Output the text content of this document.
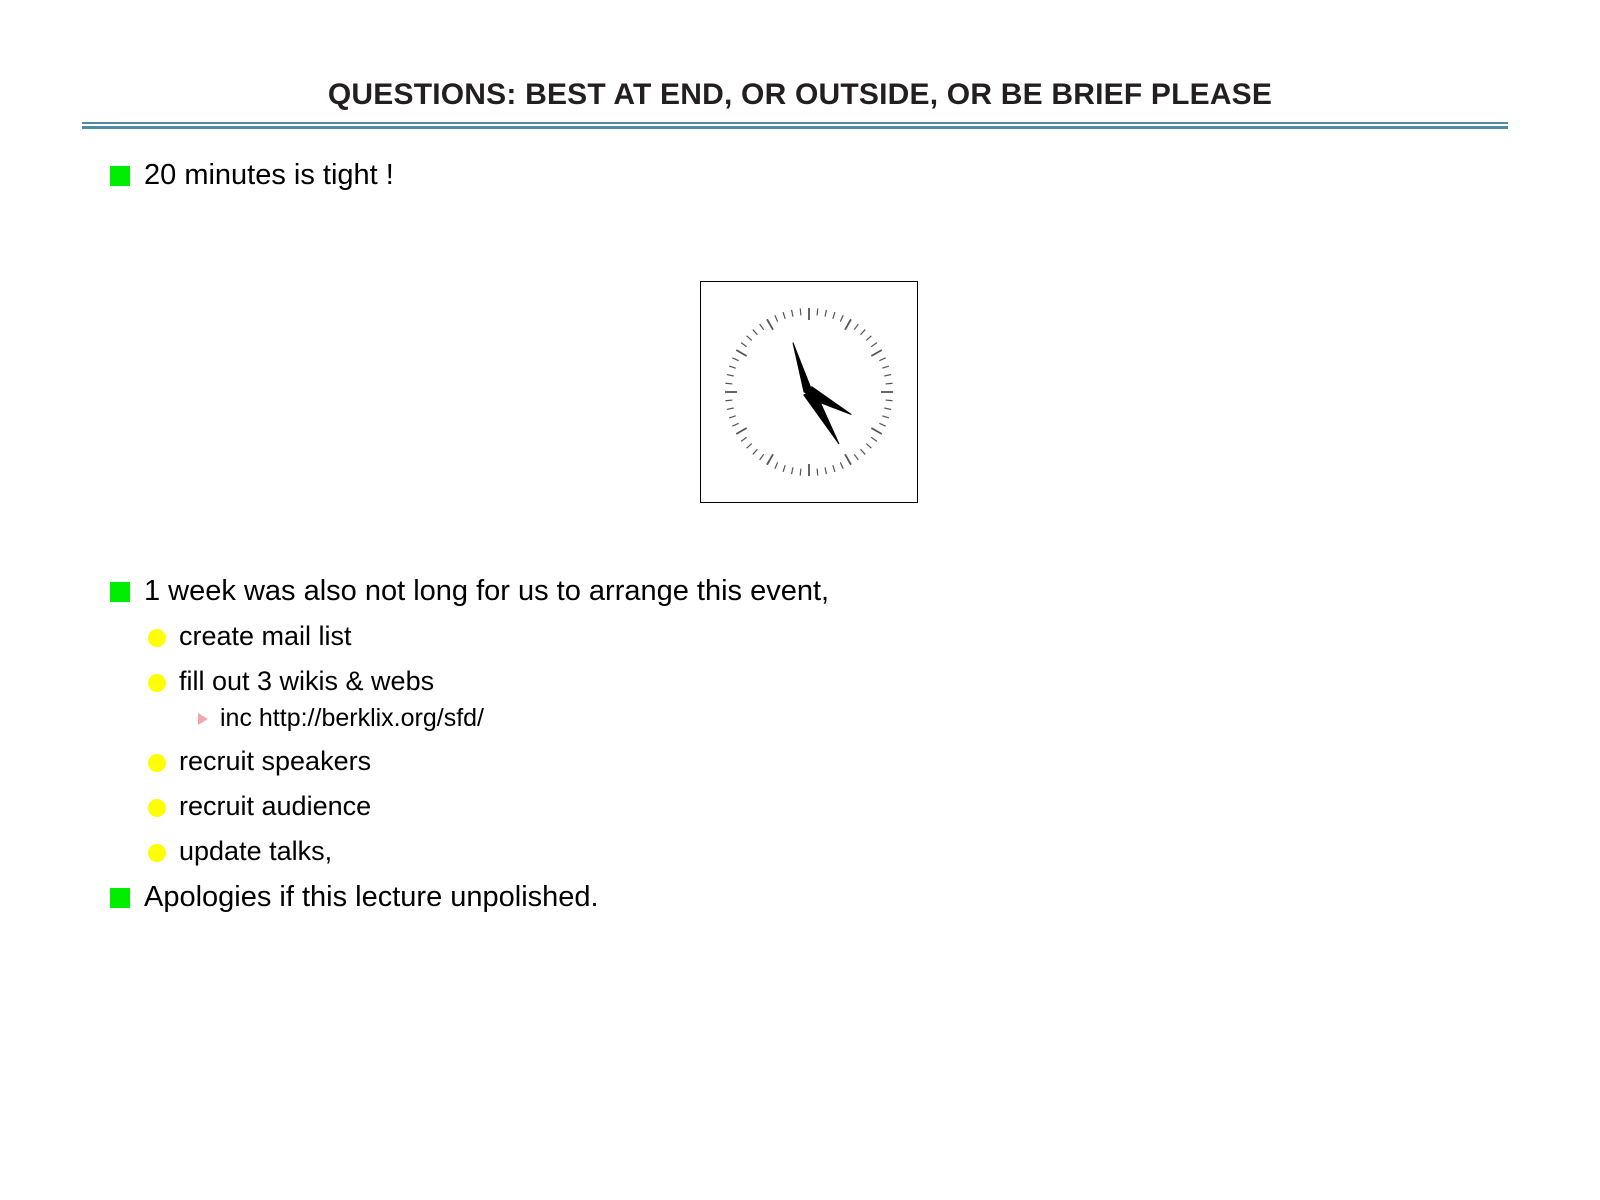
QUESTIONS: BEST AT END, OR OUTSIDE, OR BE BRIEF PLEASE
20 minutes is tight !
1 week was also not long for us to arrange this event,
create mail list
fill out 3 wikis & webs
inc http://berklix.org/sfd/
recruit speakers
recruit audience
update talks,
Apologies if this lecture unpolished.
